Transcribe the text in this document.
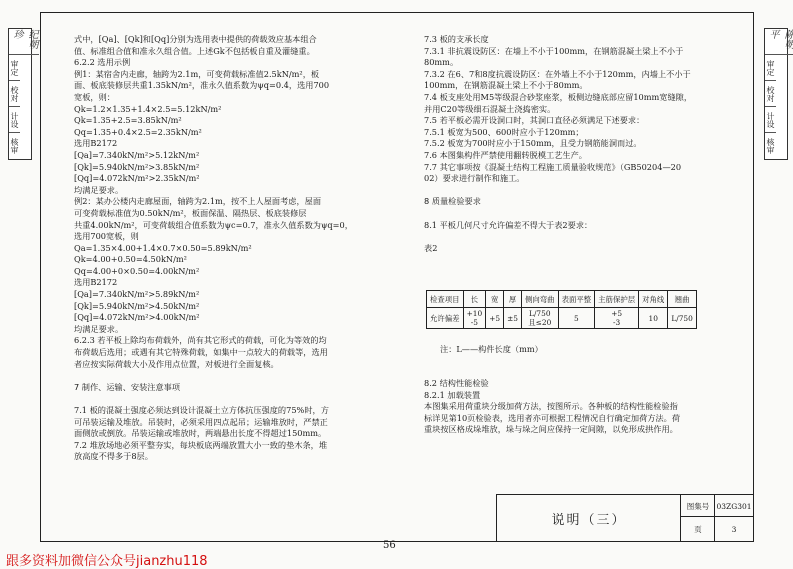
纪朝珍
审定
校对
计设
核审
陈朝平
审定
校对
计设
核审

式中，[Qa]、[Qk]和[Qq]分别为选用表中提供的荷载效应基本组合

值、标准组合值和准永久组合值。上述Gk不包括板自重及灌缝重。

6.2.2 选用示例

例1：某宿舍内走廊，轴跨为2.1m，可变荷载标准值2.5kN/m²，板

面、板底装修层共重1.35kN/m²，准永久值系数为ψq=0.4，选用700

宽板，则：

Qk=1.2×1.35+1.4×2.5=5.12kN/m²

Qk=1.35+2.5=3.85kN/m²

Qq=1.35+0.4×2.5=2.35kN/m²

选用B2172

[Qa]=7.340kN/m²>5.12kN/m²

[Qk]=5.940kN/m²>3.85kN/m²

[Qq]=4.072kN/m²>2.35kN/m²

均满足要求。

例2：某办公楼内走廊屋面，轴跨为2.1m，按不上人屋面考虑，屋面

可变荷载标准值为0.50kN/m²，板面保温、隔热层、板底装修层

共重4.00kN/m²，可变荷载组合值系数为ψc=0.7，准永久值系数为ψq=0，

选用700宽板，则

Qa=1.35×4.00+1.4×0.7×0.50=5.89kN/m²

Qk=4.00+0.50=4.50kN/m²

Qq=4.00+0×0.50=4.00kN/m²

选用B2172

[Qa]=7.340kN/m²>5.89kN/m²

[Qk]=5.940kN/m²>4.50kN/m²

[Qq]=4.072kN/m²>4.00kN/m²

均满足要求。

6.2.3 若平板上除均布荷载外，尚有其它形式的荷载，可化为等效的均

布荷载后选用；或遇有其它特殊荷载，如集中一点较大的荷载等，选用

者应按实际荷载大小及作用点位置，对板进行全面复核。

7 制作、运输、安装注意事项

7.1 板的混凝土强度必须达到设计混凝土立方体抗压强度的75%时，方

可吊装运输及堆放。吊装时，必须采用四点起吊；运输堆放时，严禁正

面侧放或倒放。吊装运输或堆放时，两端悬出长度不得超过150mm。

7.2 堆放场地必须平整夯实，每块板底两端放置大小一致的垫木条，堆

放高度不得多于8层。

7.3 板的支承长度

7.3.1 非抗震设防区：在墙上不小于100mm，在钢筋混凝土梁上不小于

80mm。

7.3.2 在6、7和8度抗震设防区：在外墙上不小于120mm，内墙上不小于

100mm，在钢筋混凝土梁上不小于80mm。

7.4 板支座处用M5等级混合砂浆座浆，板侧边缝底部应留10mm宽缝隙，

并用C20等级细石混凝土浇捣密实。

7.5 若平板必需开设洞口时，其洞口直径必须满足下述要求：

7.5.1 板宽为500、600时应小于120mm；

7.5.2 板宽为700时应小于150mm，且受力钢筋能洞而过。

7.6 本图集构件严禁使用翻转脱模工艺生产。

7.7 其它事项按《混凝土结构工程施工质量验收规范》（GB50204—20

02）要求进行制作和施工。

8 质量检验要求

8.1 平板几何尺寸允许偏差不得大于表2要求：

表2

检查项目	长	宽	厚	侧向弯曲	表面平整	主筋保护层	对角线	翘曲
允许偏差	+10
-5	+5	±5	L/750
且≤20	5	+5
-3	10	L/750
注：L——构件长度（mm）

8.2 结构性能检验

8.2.1 加载装置

本图集采用荷重块分级加荷方法，按图所示。各种板的结构性能检验指

标详见第10页检验表，选用者亦可根据工程情况自行确定加荷方法。荷

重块按区格成垛堆放，垛与垛之间应保持一定间隙，以免形成拱作用。

说明（三）
图集号 03ZG301
页	3
56
跟多资料加微信公众号jianzhu118
